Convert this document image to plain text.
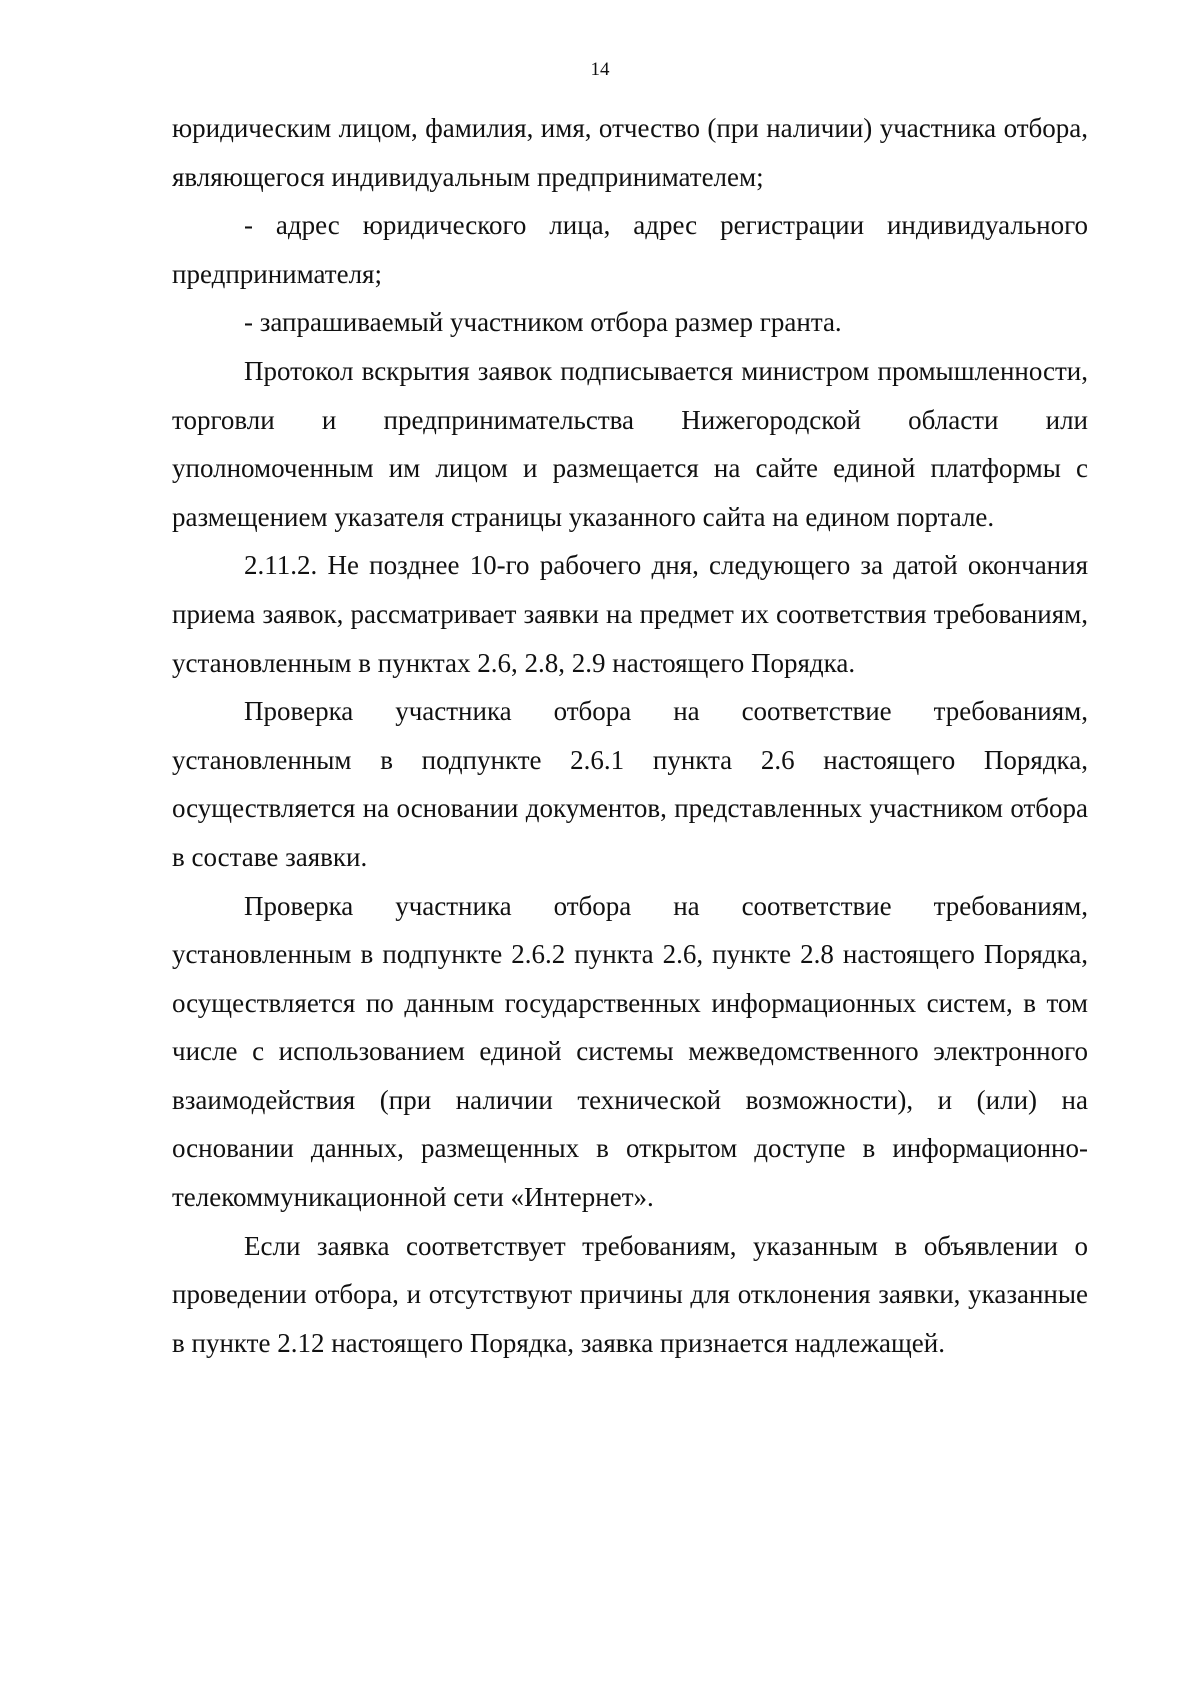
14

юридическим лицом, фамилия, имя, отчество (при наличии) участника отбора, являющегося индивидуальным предпринимателем;

- адрес юридического лица, адрес регистрации индивидуального предпринимателя;

- запрашиваемый участником отбора размер гранта.

Протокол вскрытия заявок подписывается министром промышленности, торговли и предпринимательства Нижегородской области или уполномоченным им лицом и размещается на сайте единой платформы с размещением указателя страницы указанного сайта на едином портале.

2.11.2. Не позднее 10-го рабочего дня, следующего за датой окончания приема заявок, рассматривает заявки на предмет их соответствия требованиям, установленным в пунктах 2.6, 2.8, 2.9 настоящего Порядка.

Проверка участника отбора на соответствие требованиям, установленным в подпункте 2.6.1 пункта 2.6 настоящего Порядка, осуществляется на основании документов, представленных участником отбора в составе заявки.

Проверка участника отбора на соответствие требованиям, установленным в подпункте 2.6.2 пункта 2.6, пункте 2.8 настоящего Порядка, осуществляется по данным государственных информационных систем, в том числе с использованием единой системы межведомственного электронного взаимодействия (при наличии технической возможности), и (или) на основании данных, размещенных в открытом доступе в информационно-телекоммуникационной сети «Интернет».

Если заявка соответствует требованиям, указанным в объявлении о проведении отбора, и отсутствуют причины для отклонения заявки, указанные в пункте 2.12 настоящего Порядка, заявка признается надлежащей.
